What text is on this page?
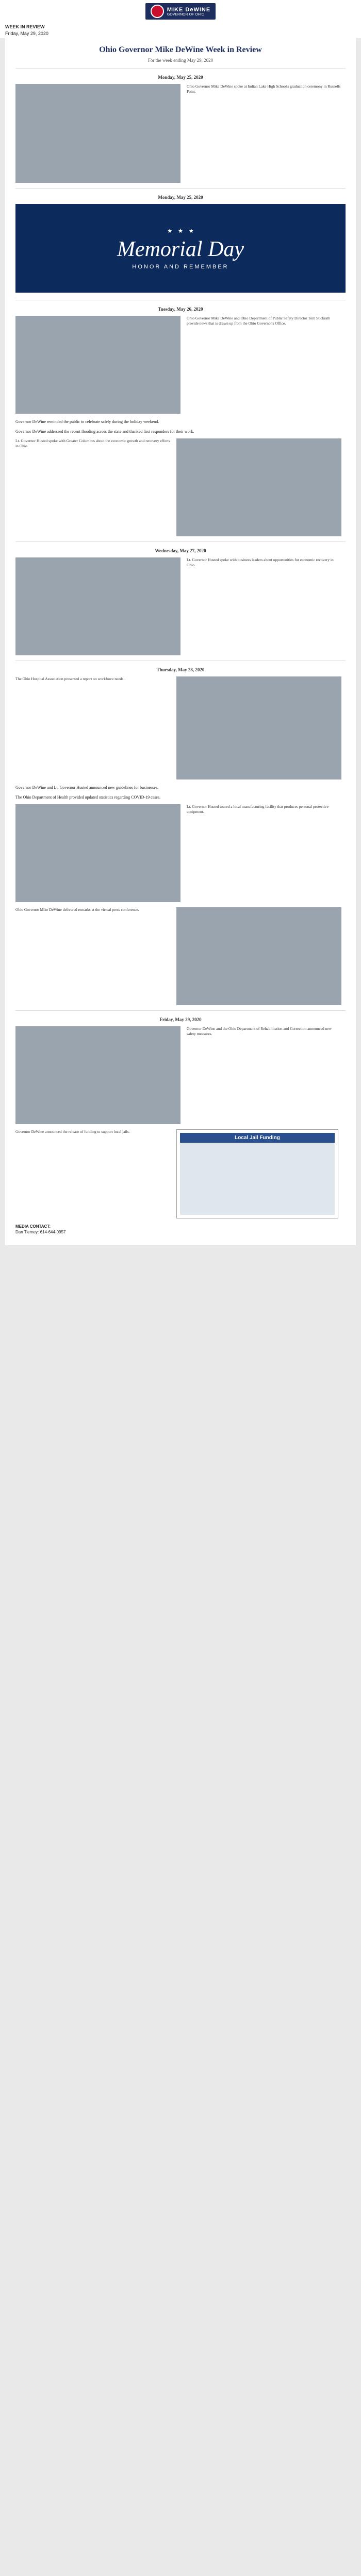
MIKE DeWINE
GOVERNOR OF OHIO
WEEK IN REVIEW
Friday, May 29, 2020
Ohio Governor Mike DeWine Week in Review
For the week ending May 29, 2020
Monday, May 25, 2020
Ohio Governor Mike DeWine spoke at Indian Lake High School's graduation ceremony in Russells Point.
Monday, May 25, 2020
★ ★ ★
Memorial Day
HONOR AND REMEMBER
Tuesday, May 26, 2020
Ohio Governor Mike DeWine and Ohio Department of Public Safety Director Tom Stickrath provide news that is drawn up from the Ohio Governor's Office.

Governor DeWine reminded the public to celebrate safely during the holiday weekend.

Governor DeWine addressed the recent flooding across the state and thanked first responders for their work.

Lt. Governor Husted spoke with Greater Columbus about the economic growth and recovery efforts in Ohio.
Wednesday, May 27, 2020
Lt. Governor Husted spoke with business leaders about opportunities for economic recovery in Ohio.
Thursday, May 28, 2020
The Ohio Hospital Association presented a report on workforce needs.

Governor DeWine and Lt. Governor Husted announced new guidelines for businesses.

The Ohio Department of Health provided updated statistics regarding COVID-19 cases.

Lt. Governor Husted toured a local manufacturing facility that produces personal protective equipment.
Ohio Governor Mike DeWine delivered remarks at the virtual press conference.
Friday, May 29, 2020
Governor DeWine and the Ohio Department of Rehabilitation and Correction announced new safety measures.
Governor DeWine announced the release of funding to support local jails.
Local Jail Funding
MEDIA CONTACT:
Dan Tierney: 614-644-0957
